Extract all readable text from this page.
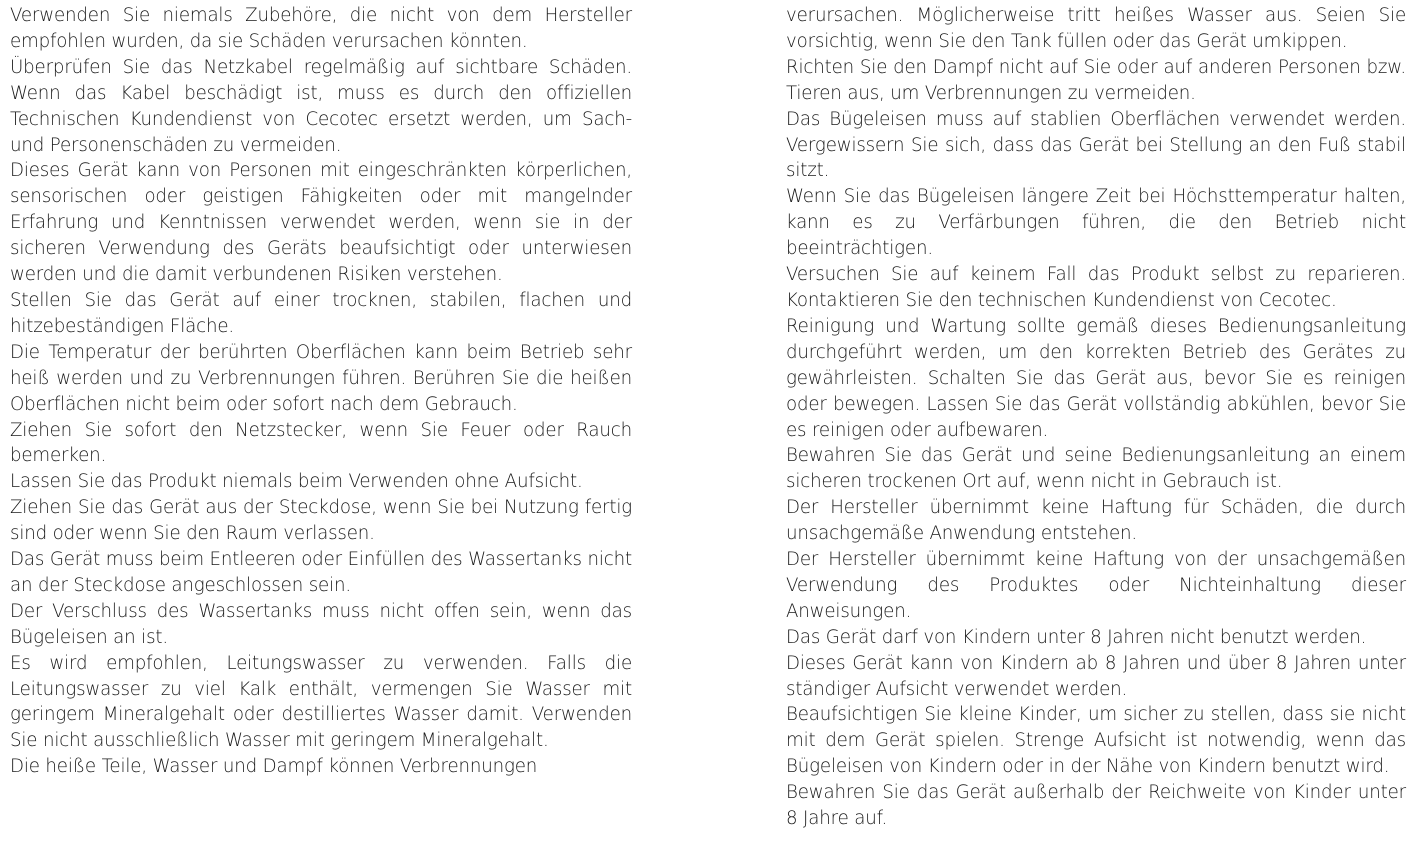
Verwenden Sie niemals Zubehöre, die nicht von dem Hersteller empfohlen wurden, da sie Schäden verursachen könnten.

Überprüfen Sie das Netzkabel regelmäßig auf sichtbare Schäden. Wenn das Kabel beschädigt ist, muss es durch den offiziellen Technischen Kundendienst von Cecotec ersetzt werden, um Sach- und Personenschäden zu vermeiden.

Dieses Gerät kann von Personen mit eingeschränkten körperlichen, sensorischen oder geistigen Fähigkeiten oder mit mangelnder Erfahrung und Kenntnissen verwendet werden, wenn sie in der sicheren Verwendung des Geräts beaufsichtigt oder unterwiesen werden und die damit verbundenen Risiken verstehen.

Stellen Sie das Gerät auf einer trocknen, stabilen, flachen und hitzebeständigen Fläche.

Die Temperatur der berührten Oberflächen kann beim Betrieb sehr heiß werden und zu Verbrennungen führen. Berühren Sie die heißen Oberflächen nicht beim oder sofort nach dem Gebrauch.

Ziehen Sie sofort den Netzstecker, wenn Sie Feuer oder Rauch bemerken.

Lassen Sie das Produkt niemals beim Verwenden ohne Aufsicht.

Ziehen Sie das Gerät aus der Steckdose, wenn Sie bei Nutzung fertig sind oder wenn Sie den Raum verlassen.

Das Gerät muss beim Entleeren oder Einfüllen des Wassertanks nicht an der Steckdose angeschlossen sein.

Der Verschluss des Wassertanks muss nicht offen sein, wenn das Bügeleisen an ist.

Es wird empfohlen, Leitungswasser zu verwenden. Falls die Leitungswasser zu viel Kalk enthält, vermengen Sie Wasser mit geringem Mineralgehalt oder destilliertes Wasser damit. Verwenden Sie nicht ausschließlich Wasser mit geringem Mineralgehalt.

Die heiße Teile, Wasser und Dampf können Verbrennungen

verursachen. Möglicherweise tritt heißes Wasser aus. Seien Sie vorsichtig, wenn Sie den Tank füllen oder das Gerät umkippen.

Richten Sie den Dampf nicht auf Sie oder auf anderen Personen bzw. Tieren aus, um Verbrennungen zu vermeiden.

Das Bügeleisen muss auf stablien Oberflächen verwendet werden. Vergewissern Sie sich, dass das Gerät bei Stellung an den Fuß stabil sitzt.

Wenn Sie das Bügeleisen längere Zeit bei Höchsttemperatur halten, kann es zu Verfärbungen führen, die den Betrieb nicht beeinträchtigen.

Versuchen Sie auf keinem Fall das Produkt selbst zu reparieren. Kontaktieren Sie den technischen Kundendienst von Cecotec.

Reinigung und Wartung sollte gemäß dieses Bedienungsanleitung durchgeführt werden, um den korrekten Betrieb des Gerätes zu gewährleisten. Schalten Sie das Gerät aus, bevor Sie es reinigen oder bewegen. Lassen Sie das Gerät vollständig abkühlen, bevor Sie es reinigen oder aufbewaren.

Bewahren Sie das Gerät und seine Bedienungsanleitung an einem sicheren trockenen Ort auf, wenn nicht in Gebrauch ist.

Der Hersteller übernimmt keine Haftung für Schäden, die durch unsachgemäße Anwendung entstehen.

Der Hersteller übernimmt keine Haftung von der unsachgemäßen Verwendung des Produktes oder Nichteinhaltung dieser Anweisungen.

Das Gerät darf von Kindern unter 8 Jahren nicht benutzt werden.

Dieses Gerät kann von Kindern ab 8 Jahren und über 8 Jahren unter ständiger Aufsicht verwendet werden.

Beaufsichtigen Sie kleine Kinder, um sicher zu stellen, dass sie nicht mit dem Gerät spielen. Strenge Aufsicht ist notwendig, wenn das Bügeleisen von Kindern oder in der Nähe von Kindern benutzt wird.

Bewahren Sie das Gerät außerhalb der Reichweite von Kinder unter 8 Jahre auf.
